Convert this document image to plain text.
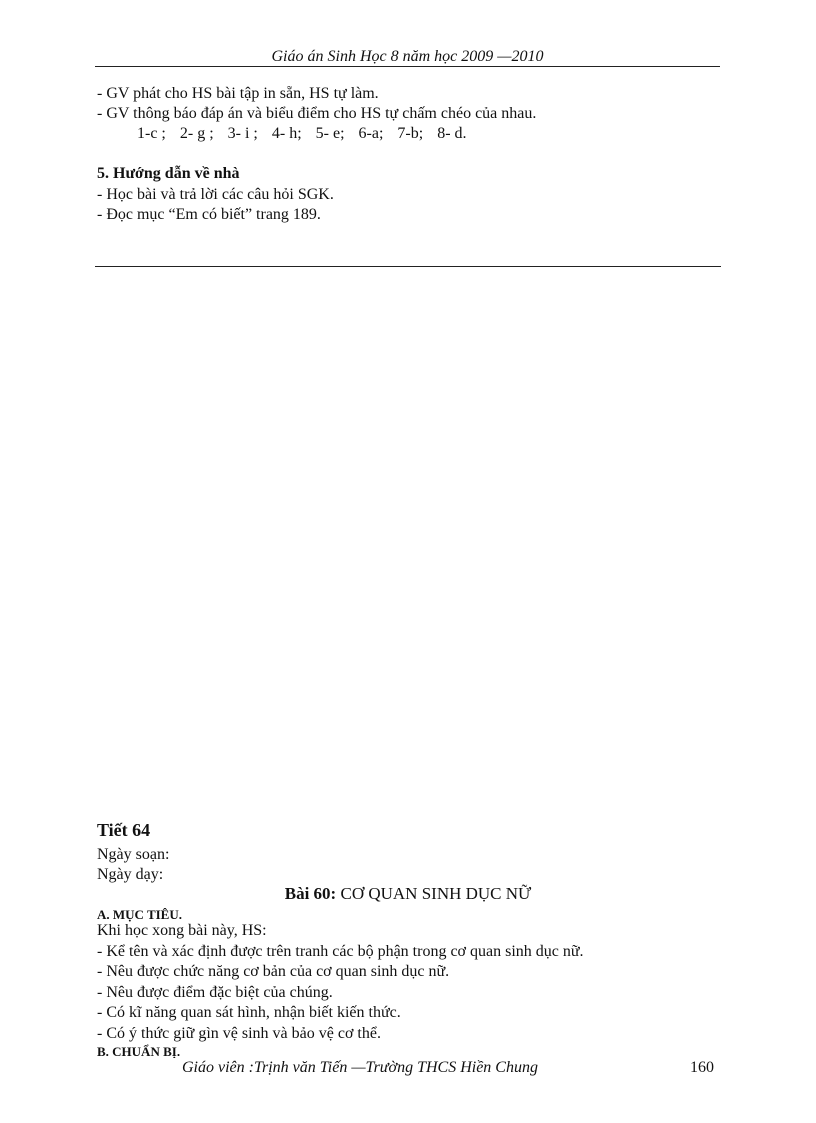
Giáo án Sinh Học 8 năm học 2009 —2010
- GV phát cho HS bài tập in sẵn, HS tự làm.
- GV thông báo đáp án và biểu điểm cho HS tự chấm chéo của nhau.
1-c ; 2- g ; 3- i ; 4- h; 5- e; 6-a; 7-b; 8- d.
5. Hướng dẫn về nhà
- Học bài và trả lời các câu hỏi SGK.
- Đọc mục “Em có biết” trang 189.
Tiết 64
Ngày soạn:
Ngày dạy:
Bài 60: CƠ QUAN SINH DỤC NỮ
A. MỤC TIÊU.
Khi học xong bài này, HS:
- Kể tên và xác định được trên tranh các bộ phận trong cơ quan sinh dục nữ.
- Nêu được chức năng cơ bản của cơ quan sinh dục nữ.
- Nêu được điểm đặc biệt của chúng.
- Có kĩ năng quan sát hình, nhận biết kiến thức.
- Có ý thức giữ gìn vệ sinh và bảo vệ cơ thể.
B. CHUẨN BỊ.
Giáo viên :Trịnh văn Tiến —Trường THCS Hiền Chung	160
